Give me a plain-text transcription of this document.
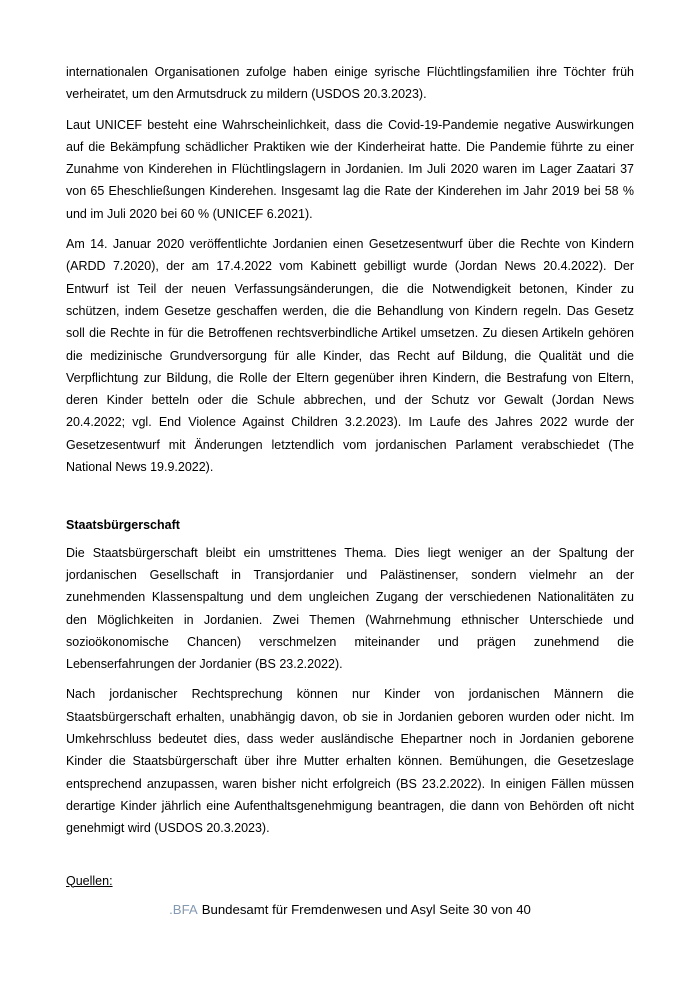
internationalen Organisationen zufolge haben einige syrische Flüchtlingsfamilien ihre Töchter früh
verheiratet, um den Armutsdruck zu mildern (USDOS 20.3.2023).
Laut UNICEF besteht eine Wahrscheinlichkeit, dass die Covid-19-Pandemie negative Auswirkungen
auf die Bekämpfung schädlicher Praktiken wie der Kinderheirat hatte. Die Pandemie führte zu einer
Zunahme von Kinderehen in Flüchtlingslagern in Jordanien. Im Juli 2020 waren im Lager Zaatari 37
von 65 Eheschließungen Kinderehen. Insgesamt lag die Rate der Kinderehen im Jahr 2019 bei 58 %
und im Juli 2020 bei 60 % (UNICEF 6.2021).
Am 14. Januar 2020 veröffentlichte Jordanien einen Gesetzesentwurf über die Rechte von Kindern
(ARDD 7.2020), der am 17.4.2022 vom Kabinett gebilligt wurde (Jordan News 20.4.2022). Der
Entwurf ist Teil der neuen Verfassungsänderungen, die die Notwendigkeit betonen, Kinder zu
schützen, indem Gesetze geschaffen werden, die die Behandlung von Kindern regeln. Das Gesetz
soll die Rechte in für die Betroffenen rechtsverbindliche Artikel umsetzen. Zu diesen Artikeln gehören
die medizinische Grundversorgung für alle Kinder, das Recht auf Bildung, die Qualität und die
Verpflichtung zur Bildung, die Rolle der Eltern gegenüber ihren Kindern, die Bestrafung von Eltern,
deren Kinder betteln oder die Schule abbrechen, und der Schutz vor Gewalt (Jordan News
20.4.2022; vgl. End Violence Against Children 3.2.2023). Im Laufe des Jahres 2022 wurde der
Gesetzesentwurf mit Änderungen letztendlich vom jordanischen Parlament verabschiedet (The
National News 19.9.2022).
Staatsbürgerschaft
Die Staatsbürgerschaft bleibt ein umstrittenes Thema. Dies liegt weniger an der Spaltung der
jordanischen Gesellschaft in Transjordanier und Palästinenser, sondern vielmehr an der
zunehmenden Klassenspaltung und dem ungleichen Zugang der verschiedenen Nationalitäten zu
den Möglichkeiten in Jordanien. Zwei Themen (Wahrnehmung ethnischer Unterschiede und
sozioökonomische Chancen) verschmelzen miteinander und prägen zunehmend die
Lebenserfahrungen der Jordanier (BS 23.2.2022).
Nach jordanischer Rechtsprechung können nur Kinder von jordanischen Männern die
Staatsbürgerschaft erhalten, unabhängig davon, ob sie in Jordanien geboren wurden oder nicht. Im
Umkehrschluss bedeutet dies, dass weder ausländische Ehepartner noch in Jordanien geborene
Kinder die Staatsbürgerschaft über ihre Mutter erhalten können. Bemühungen, die Gesetzeslage
entsprechend anzupassen, waren bisher nicht erfolgreich (BS 23.2.2022). In einigen Fällen müssen
derartige Kinder jährlich eine Aufenthaltsgenehmigung beantragen, die dann von Behörden oft nicht
genehmigt wird (USDOS 20.3.2023).
Quellen:
.BFA Bundesamt für Fremdenwesen und Asyl Seite 30 von 40
